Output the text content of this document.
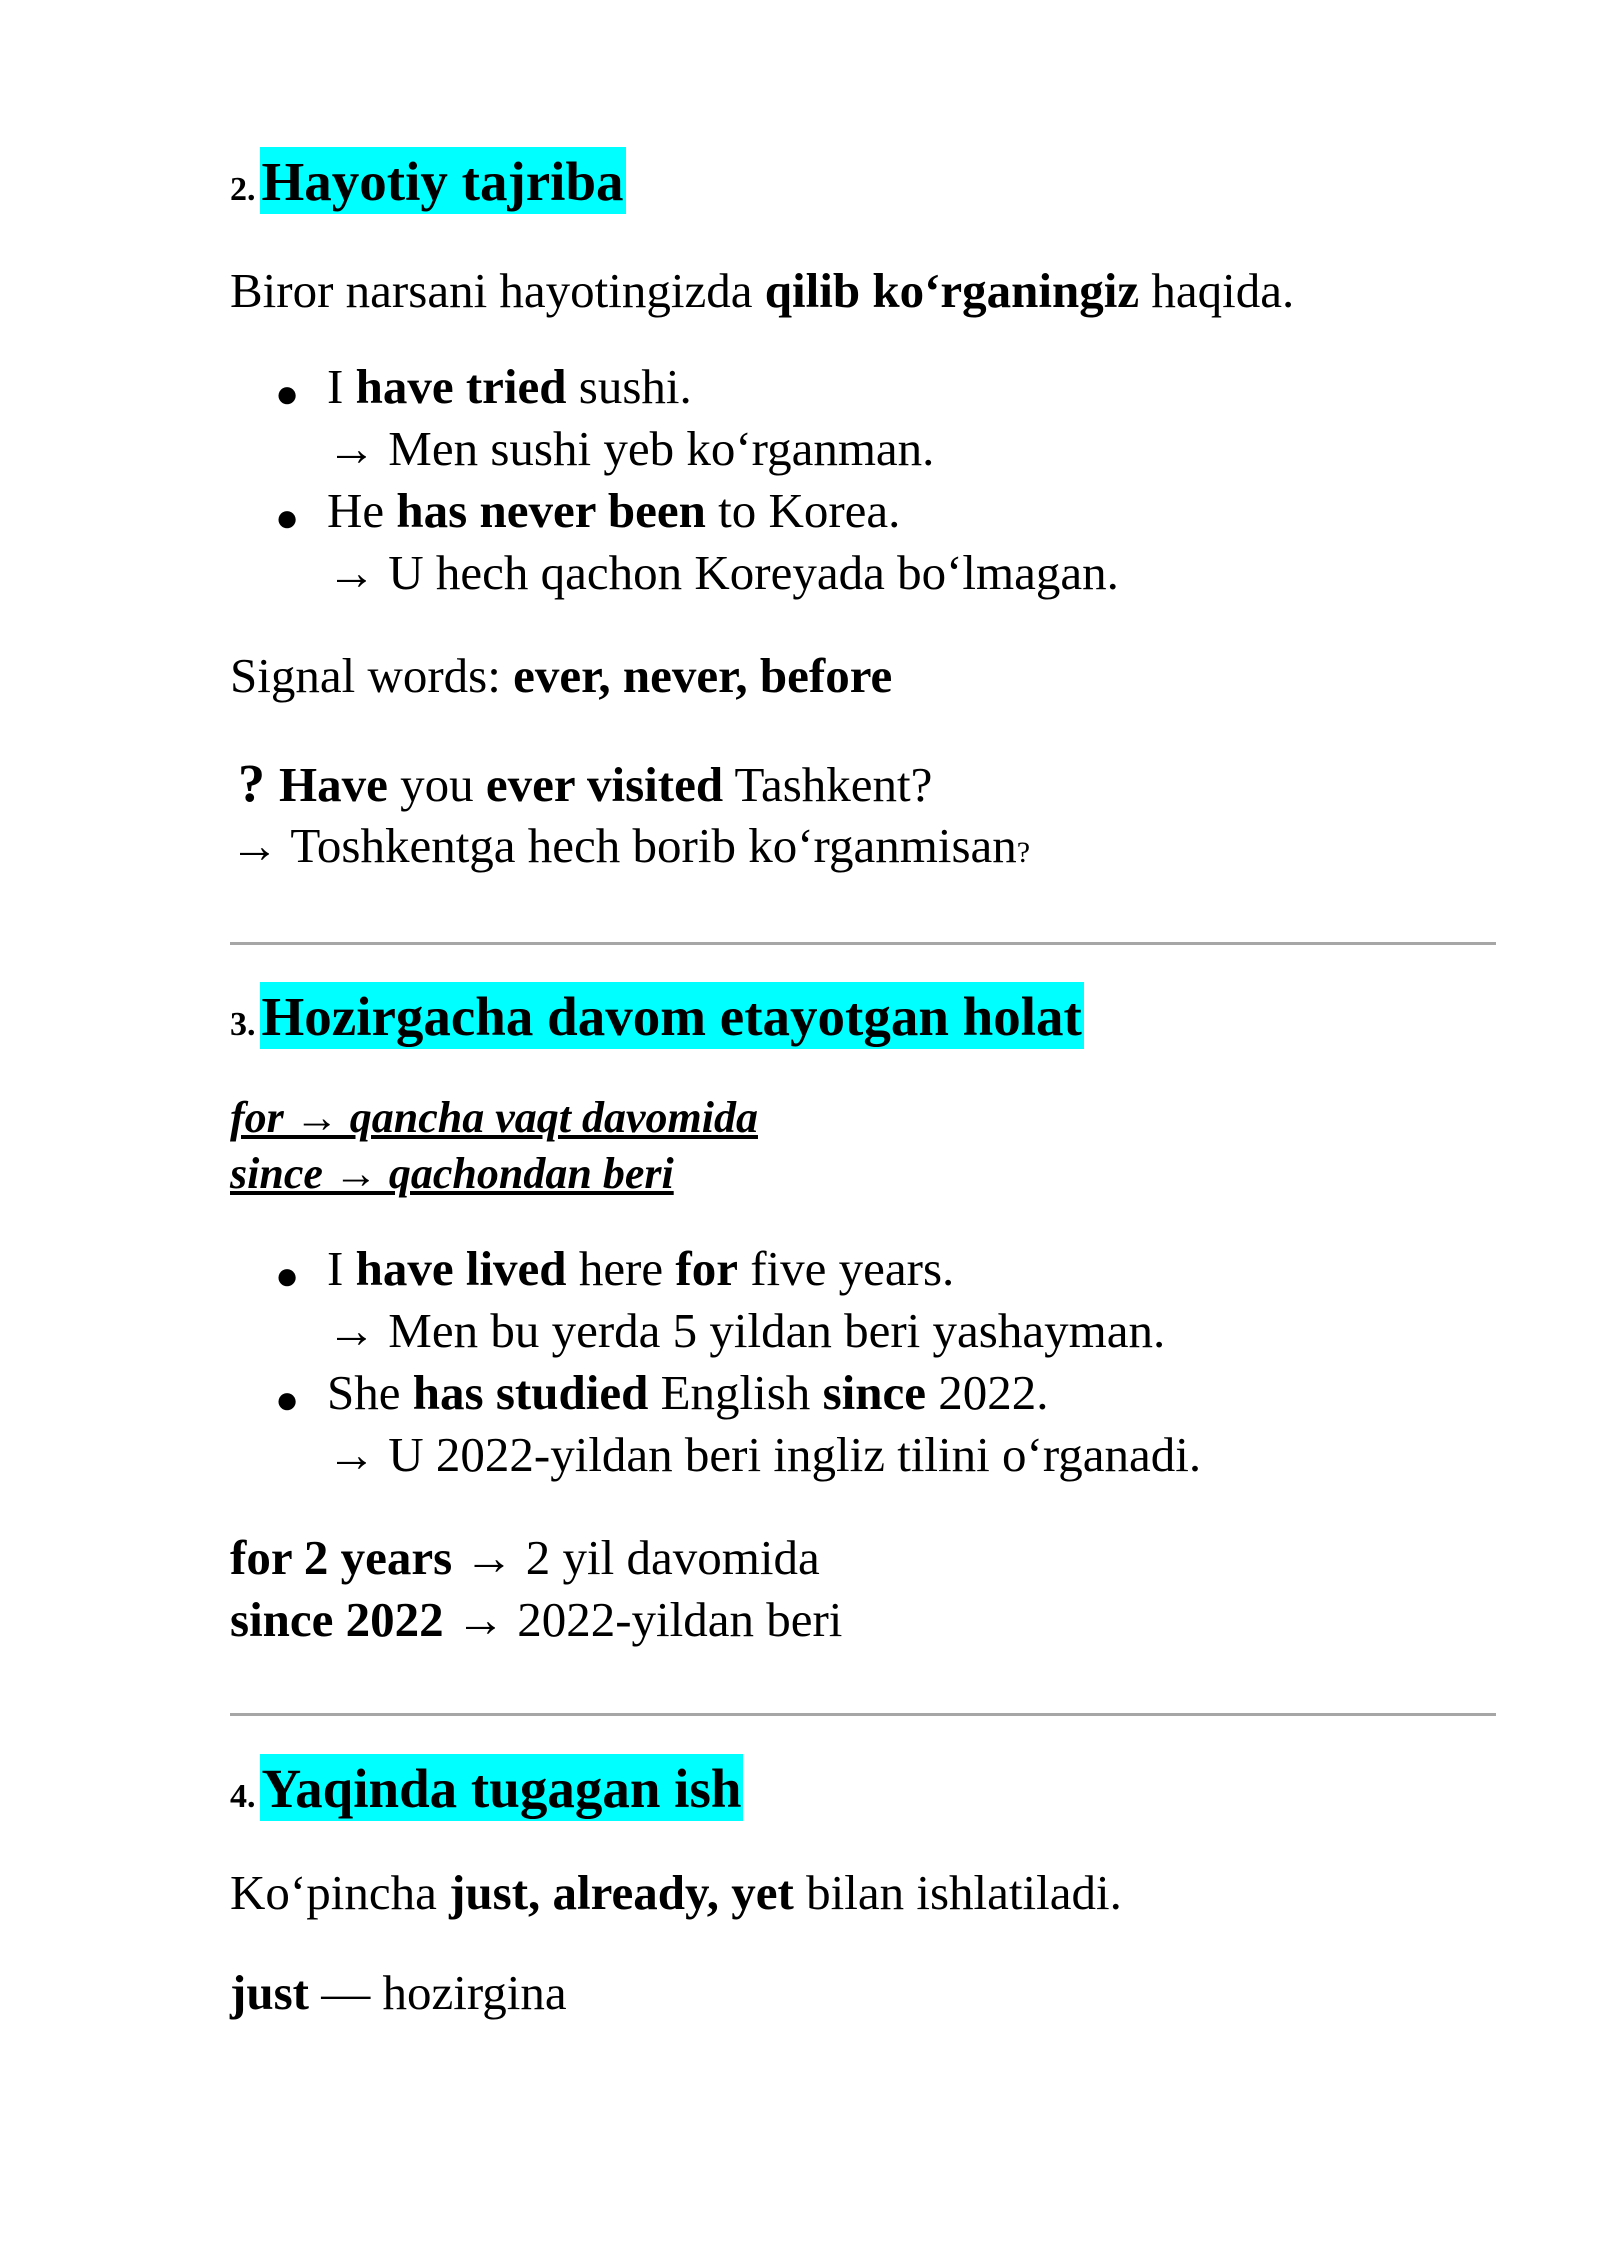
2. Hayotiy tajriba
Biror narsani hayotingizda qilib ko‘rganingiz haqida.
● I have tried sushi.
→ Men sushi yeb ko‘rganman.
● He has never been to Korea.
→ U hech qachon Koreyada bo‘lmagan.
Signal words: ever, never, before
? Have you ever visited Tashkent?
→ Toshkentga hech borib ko‘rganmisan?
3. Hozirgacha davom etayotgan holat
for → qancha vaqt davomida
since → qachondan beri
● I have lived here for five years.
→ Men bu yerda 5 yildan beri yashayman.
● She has studied English since 2022.
→ U 2022-yildan beri ingliz tilini o‘rganadi.
for 2 years → 2 yil davomida
since 2022 → 2022-yildan beri
4. Yaqinda tugagan ish
Ko‘pincha just, already, yet bilan ishlatiladi.
just — hozirgina
